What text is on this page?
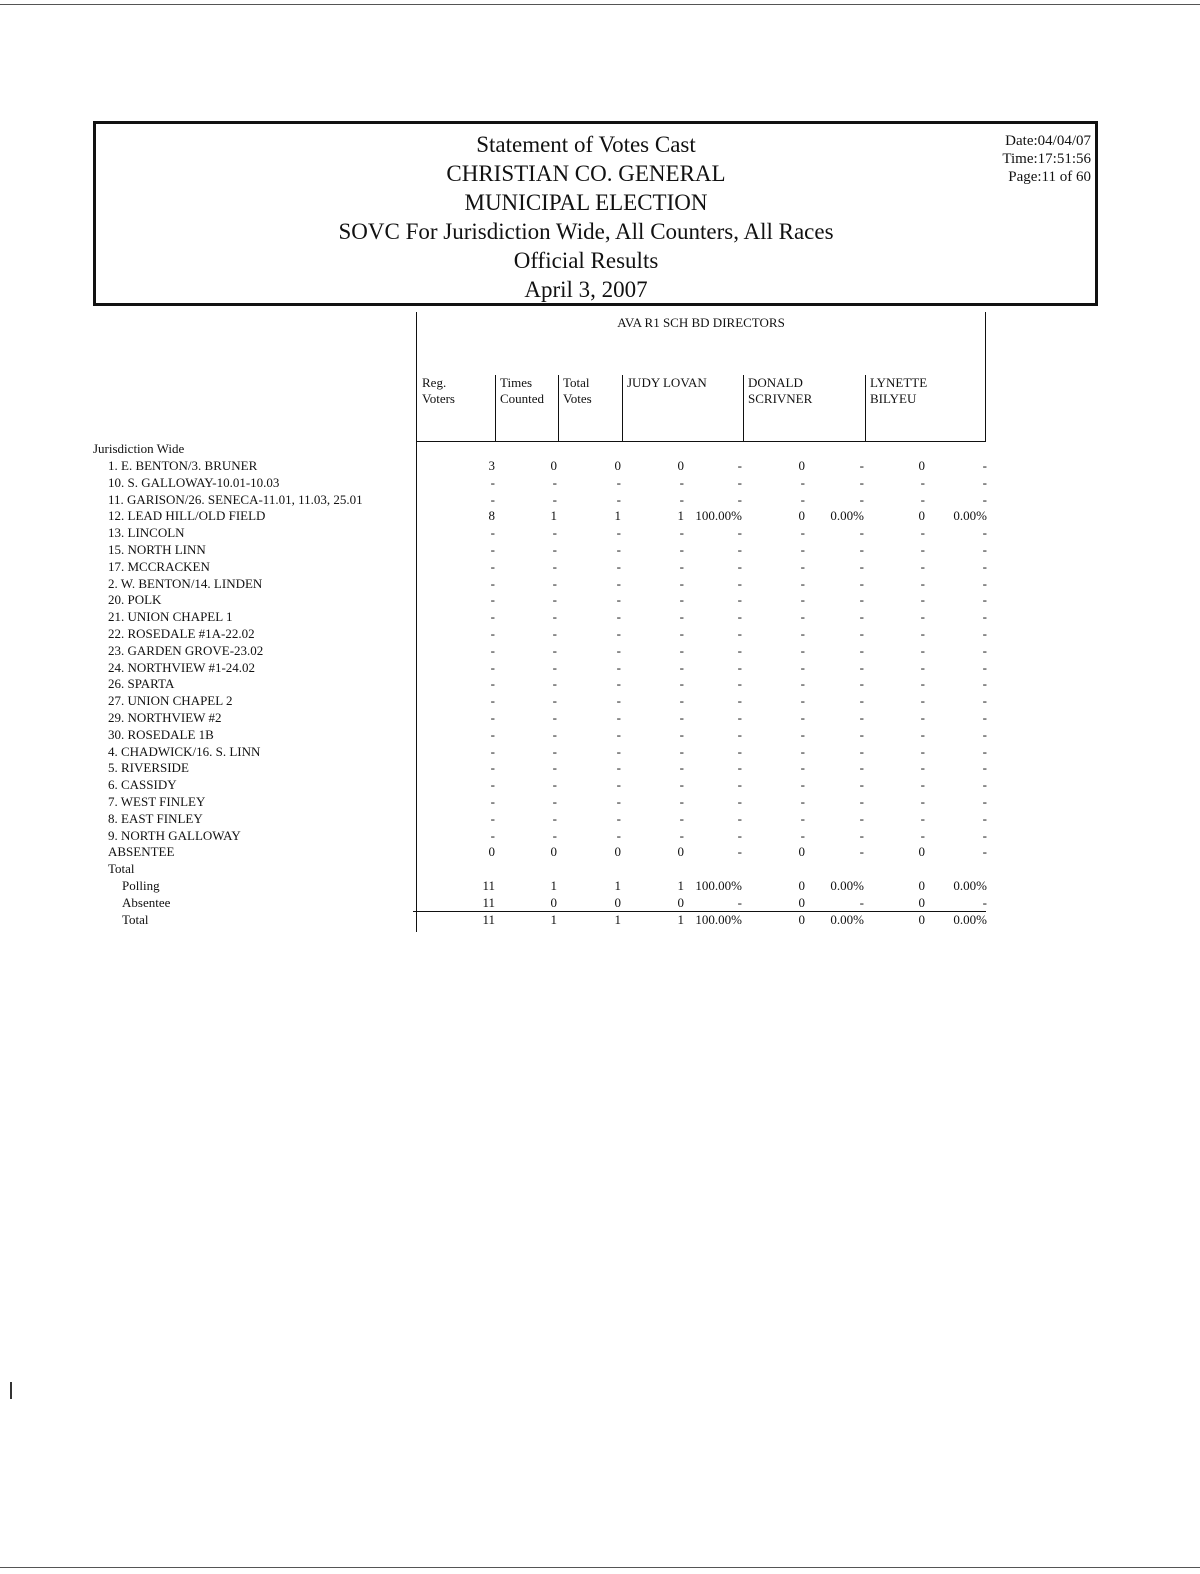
Statement of Votes Cast
CHRISTIAN CO. GENERAL
MUNICIPAL ELECTION
SOVC For Jurisdiction Wide, All Counters, All Races
Official Results
April 3, 2007
Date:04/04/07
Time:17:51:56
Page:11 of 60
AVA R1 SCH BD DIRECTORS
Reg.
Voters
Times
Counted
Total
Votes
JUDY LOVAN	DONALD
SCRIVNER
LYNETTE
BILYEU
Jurisdiction Wide
1. E. BENTON/3. BRUNER	3	0	0	0	-	0	-	0	-
10. S. GALLOWAY-10.01-10.03	-	-	-	-	-	-	-	-	-
11. GARISON/26. SENECA-11.01, 11.03, 25.01	-	-	-	-	-	-	-	-	-
12. LEAD HILL/OLD FIELD	8	1	1	1 100.00%	0 0.00%	0 0.00%
13. LINCOLN	-	-	-	-	-	-	-	-	-
15. NORTH LINN	-	-	-	-	-	-	-	-	-
17. MCCRACKEN	-	-	-	-	-	-	-	-	-
2. W. BENTON/14. LINDEN	-	-	-	-	-	-	-	-	-
20. POLK	-	-	-	-	-	-	-	-	-
21. UNION CHAPEL 1	-	-	-	-	-	-	-	-	-
22. ROSEDALE #1A-22.02	-	-	-	-	-	-	-	-	-
23. GARDEN GROVE-23.02	-	-	-	-	-	-	-	-	-
24. NORTHVIEW #1-24.02	-	-	-	-	-	-	-	-	-
26. SPARTA	-	-	-	-	-	-	-	-	-
27. UNION CHAPEL 2	-	-	-	-	-	-	-	-	-
29. NORTHVIEW #2	-	-	-	-	-	-	-	-	-
30. ROSEDALE 1B	-	-	-	-	-	-	-	-	-
4. CHADWICK/16. S. LINN	-	-	-	-	-	-	-	-	-
5. RIVERSIDE	-	-	-	-	-	-	-	-	-
6. CASSIDY	-	-	-	-	-	-	-	-	-
7. WEST FINLEY	-	-	-	-	-	-	-	-	-
8. EAST FINLEY	-	-	-	-	-	-	-	-	-
9. NORTH GALLOWAY	-	-	-	-	-	-	-	-	-
ABSENTEE	0	0	0	0	-	0	-	0	-
Total
Polling	11	1	1	1 100.00%	0 0.00%	0 0.00%
Absentee	11	0	0	0	-	0	-	0	-
Total	11	1	1	1 100.00%	0 0.00%	0 0.00%
